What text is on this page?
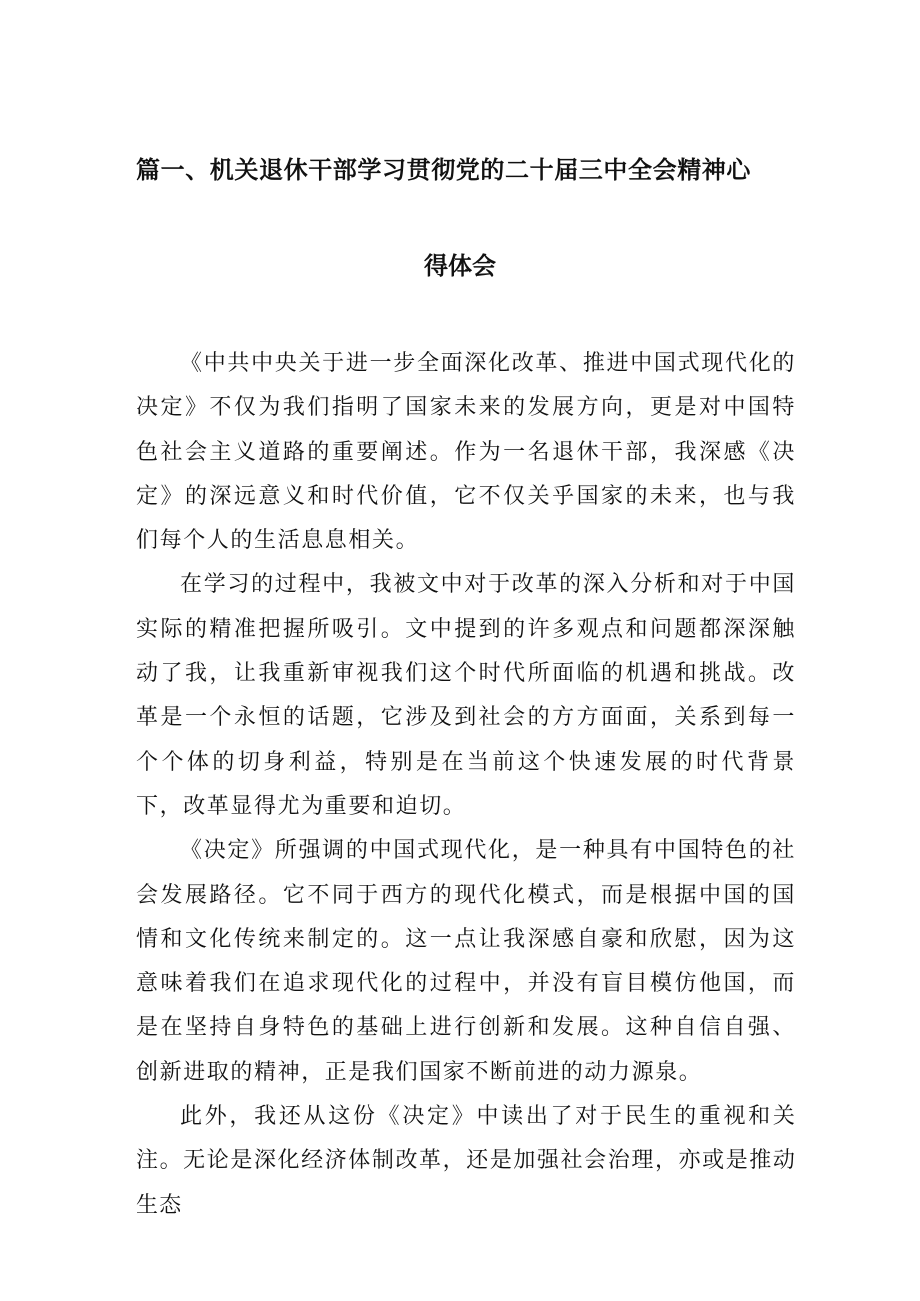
篇一、机关退休干部学习贯彻党的二十届三中全会精神心
得体会

《中共中央关于进一步全面深化改革、推进中国式现代化的决定》不仅为我们指明了国家未来的发展方向，更是对中国特色社会主义道路的重要阐述。作为一名退休干部，我深感《决定》的深远意义和时代价值，它不仅关乎国家的未来，也与我们每个人的生活息息相关。

在学习的过程中，我被文中对于改革的深入分析和对于中国实际的精准把握所吸引。文中提到的许多观点和问题都深深触动了我，让我重新审视我们这个时代所面临的机遇和挑战。改革是一个永恒的话题，它涉及到社会的方方面面，关系到每一个个体的切身利益，特别是在当前这个快速发展的时代背景下，改革显得尤为重要和迫切。

《决定》所强调的中国式现代化，是一种具有中国特色的社会发展路径。它不同于西方的现代化模式，而是根据中国的国情和文化传统来制定的。这一点让我深感自豪和欣慰，因为这意味着我们在追求现代化的过程中，并没有盲目模仿他国，而是在坚持自身特色的基础上进行创新和发展。这种自信自强、创新进取的精神，正是我们国家不断前进的动力源泉。

此外，我还从这份《决定》中读出了对于民生的重视和关注。无论是深化经济体制改革，还是加强社会治理，亦或是推动生态
